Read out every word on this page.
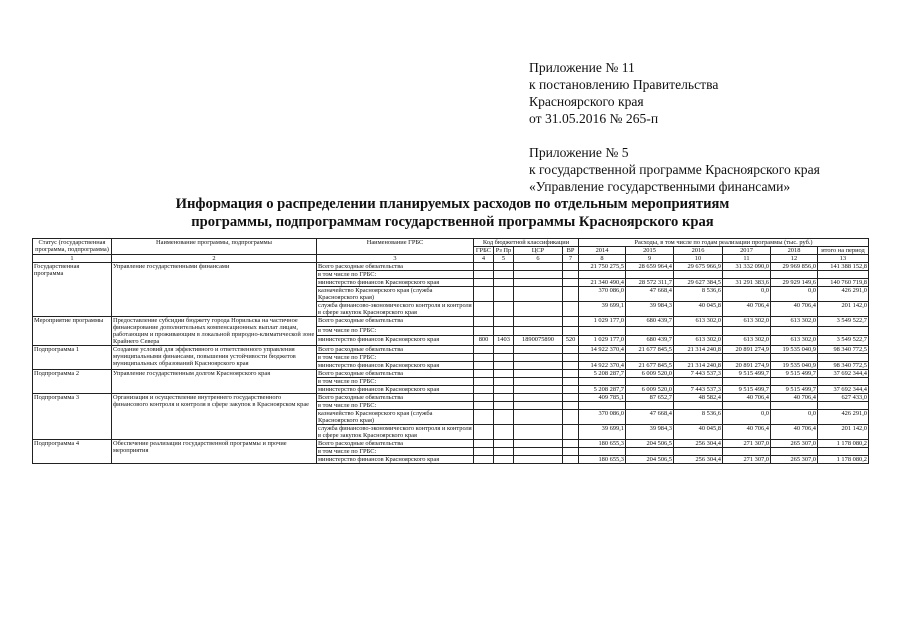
Приложение № 11
к постановлению Правительства
Красноярского края
от 31.05.2016 № 265-п
Приложение № 5
к государственной программе Красноярского края
«Управление государственными финансами»
Информация о распределении планируемых расходов по отдельным мероприятиям
программы, подпрограммам государственной программы Красноярского края
Статус (государственная программа, подпрограмма)	Наименование программы, подпрограммы	Наименование ГРБС	Код бюджетной классификации				Расходы, в том числе по годам реализации программы (тыс. руб.)					
			ГРБС	Рз Пр	ЦСР	ВР	2014	2015	2016	2017	2018	итого на период
1	2	3	4	5	6	7	8	9	10	11	12	13
Государственная программа	Управление государственными финансами	Всего расходные обязательства					21 750 275,5	28 659 964,4	29 675 966,9	31 332 090,0	29 969 856,0	141 388 152,8
		в том числе по ГРБС:										
		министерство финансов Красноярского края					21 340 490,4	28 572 311,7	29 627 384,5	31 291 383,6	29 929 149,6	140 760 719,8
		казначейство Красноярского края (служба Красноярского края)					370 086,0	47 668,4	8 536,6	0,0	0,0	426 291,0
		служба финансово-экономического контроля и контроля в сфере закупок Красноярского края					39 699,1	39 984,3	40 045,8	40 706,4	40 706,4	201 142,0
Мероприятие программы	Предоставление субсидии бюджету города Норильска на частичное финансирование дополнительных компенсационных выплат лицам, работающим и проживающим в локальной природно-климатической зоне Крайнего Севера	Всего расходные обязательства					1 029 177,0	680 439,7	613 302,0	613 302,0	613 302,0	3 549 522,7
		в том числе по ГРБС:										
		министерство финансов Красноярского края	800	1403	1890075890	520	1 029 177,0	680 439,7	613 302,0	613 302,0	613 302,0	3 549 522,7
Подпрограмма 1	Создание условий для эффективного и ответственного управления муниципальными финансами, повышения устойчивости бюджетов муниципальных образований Красноярского края	Всего расходные обязательства					14 922 370,4	21 677 845,5	21 314 240,8	20 891 274,9	19 535 040,9	98 340 772,5
		в том числе по ГРБС:										
		министерство финансов Красноярского края					14 922 370,4	21 677 845,5	21 314 240,8	20 891 274,9	19 535 040,9	98 340 772,5
Подпрограмма 2	Управление государственным долгом Красноярского края	Всего расходные обязательства					5 208 287,7	6 009 520,0	7 443 537,3	9 515 499,7	9 515 499,7	37 692 344,4
		в том числе по ГРБС:										
		министерство финансов Красноярского края					5 208 287,7	6 009 520,0	7 443 537,3	9 515 499,7	9 515 499,7	37 692 344,4
Подпрограмма 3	Организация и осуществление внутреннего государственного финансового контроля и контроля в сфере закупок в Красноярском крае	Всего расходные обязательства					409 785,1	87 652,7	48 582,4	40 706,4	40 706,4	627 433,0
		в том числе по ГРБС:										
		казначейство Красноярского края (служба Красноярского края)					370 086,0	47 668,4	8 536,6	0,0	0,0	426 291,0
		служба финансово-экономического контроля и контроля в сфере закупок Красноярского края					39 699,1	39 984,3	40 045,8	40 706,4	40 706,4	201 142,0
Подпрограмма 4	Обеспечение реализации государственной программы и прочие мероприятия	Всего расходные обязательства					180 655,3	204 506,5	256 304,4	271 307,0	265 307,0	1 178 080,2
		в том числе по ГРБС:										
		министерство финансов Красноярского края					180 655,3	204 506,5	256 304,4	271 307,0	265 307,0	1 178 080,2
